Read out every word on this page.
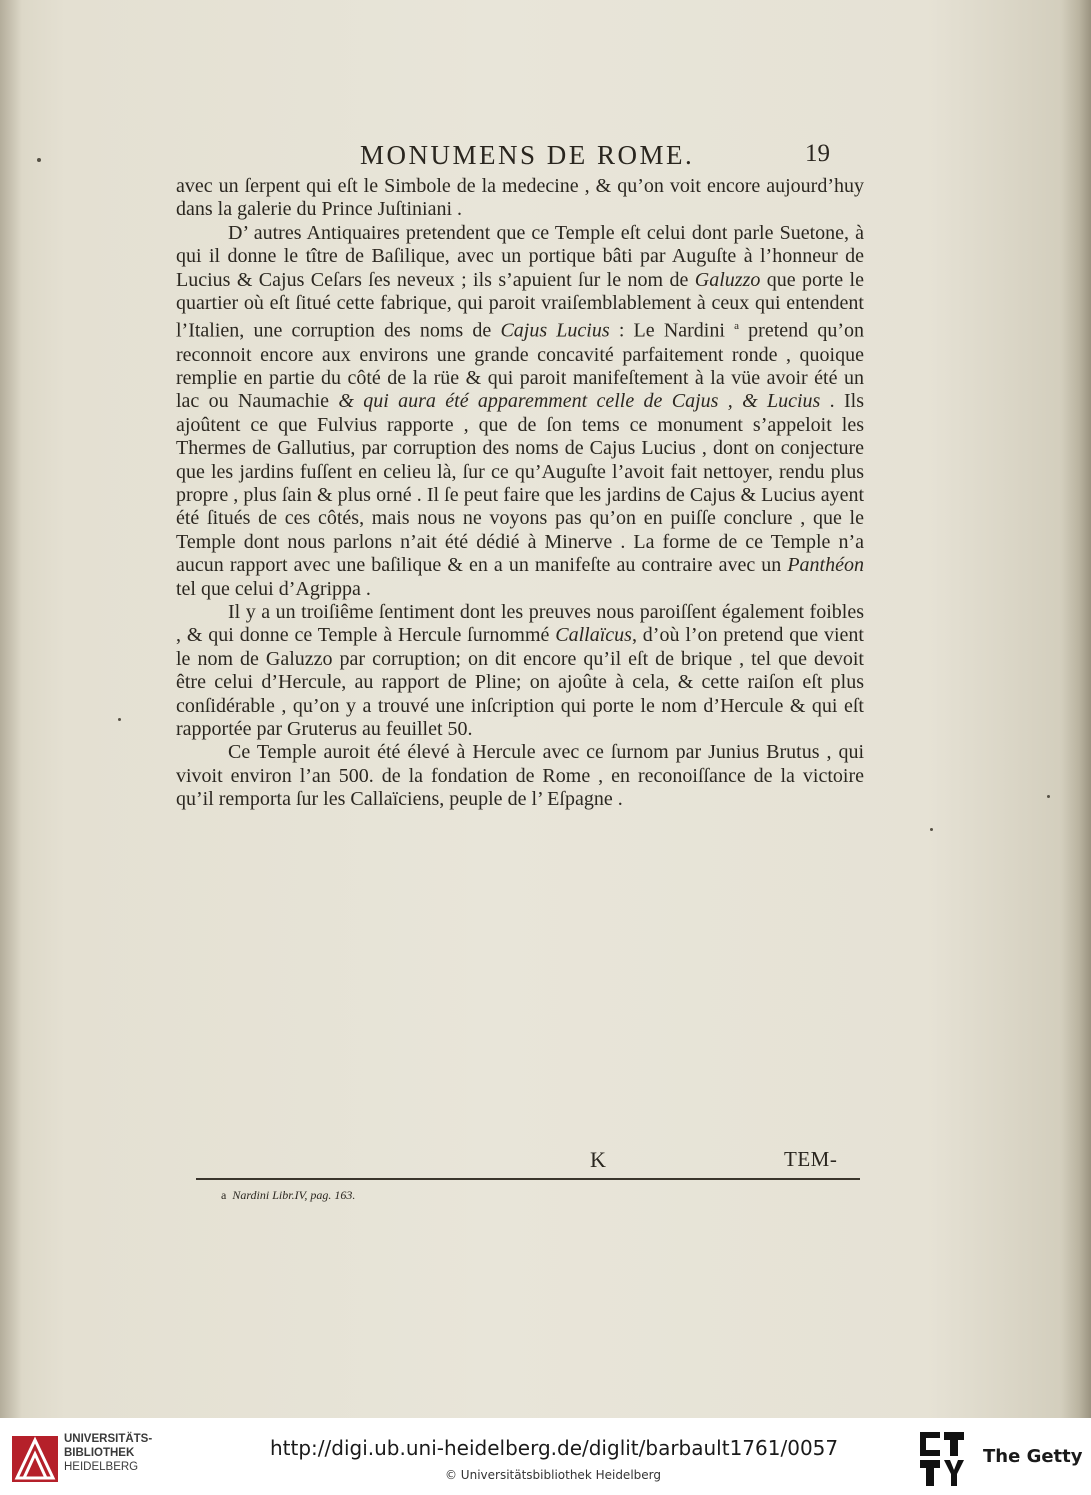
MONUMENS DE ROME.	19

avec un ſerpent qui eſt le Simbole de la medecine , & qu’on voit encore aujourd’huy dans la galerie du Prince Juſtiniani .

D’ autres Antiquaires pretendent que ce Temple eſt celui dont parle Suetone, à qui il donne le tître de Baſilique, avec un portique bâti par Auguſte à l’honneur de Lucius & Cajus Ceſars ſes neveux ; ils s’apuient ſur le nom de Galuzzo que porte le quartier où eſt ſitué cette fabrique, qui paroit vraiſemblablement à ceux qui entendent l’Italien, une corruption des noms de Cajus Lucius : Le Nardini $^a$ pretend qu’on reconnoit encore aux environs une grande concavité parfaitement ronde , quoique remplie en partie du côté de la rüe & qui paroit manifeſtement à la vüe avoir été un lac ou Naumachie & qui aura été apparemment celle de Cajus , & Lucius . Ils ajoûtent ce que Fulvius rapporte , que de ſon tems ce monument s’appeloit les Thermes de Gallutius, par corruption des noms de Cajus Lucius , dont on conjecture que les jardins fuſſent en celieu là, ſur ce qu’Auguſte l’avoit fait nettoyer, rendu plus propre , plus ſain & plus orné . Il ſe peut faire que les jardins de Cajus & Lucius ayent été ſitués de ces côtés, mais nous ne voyons pas qu’on en puiſſe conclure , que le Temple dont nous parlons n’ait été dédié à Minerve . La forme de ce Temple n’a aucun rapport avec une baſilique & en a un manifeſte au contraire avec un Panthéon tel que celui d’Agrippa .

Il y a un troiſiême ſentiment dont les preuves nous paroiſſent également foibles , & qui donne ce Temple à Hercule ſurnommé Callaïcus, d’où l’on pretend que vient le nom de Galuzzo par corruption; on dit encore qu’il eſt de brique , tel que devoit être celui d’Hercule, au rapport de Pline; on ajoûte à cela, & cette raiſon eſt plus conſidérable , qu’on y a trouvé une inſcription qui porte le nom d’Hercule & qui eſt rapportée par Gruterus au feuillet 50.

Ce Temple auroit été élevé à Hercule avec ce ſurnom par Junius Brutus , qui vivoit environ l’an 500. de la fondation de Rome , en reconoiſſance de la victoire qu’il remporta ſur les Callaïciens, peuple de l’ Eſpagne .

K	TEM-
a Nardini Libr.IV, pag. 163.
UNIVERSITÄTS-
BIBLIOTHEK
HEIDELBERG
http://digi.ub.uni-heidelberg.de/diglit/barbault1761/0057
© Universitätsbibliothek Heidelberg
The Getty
